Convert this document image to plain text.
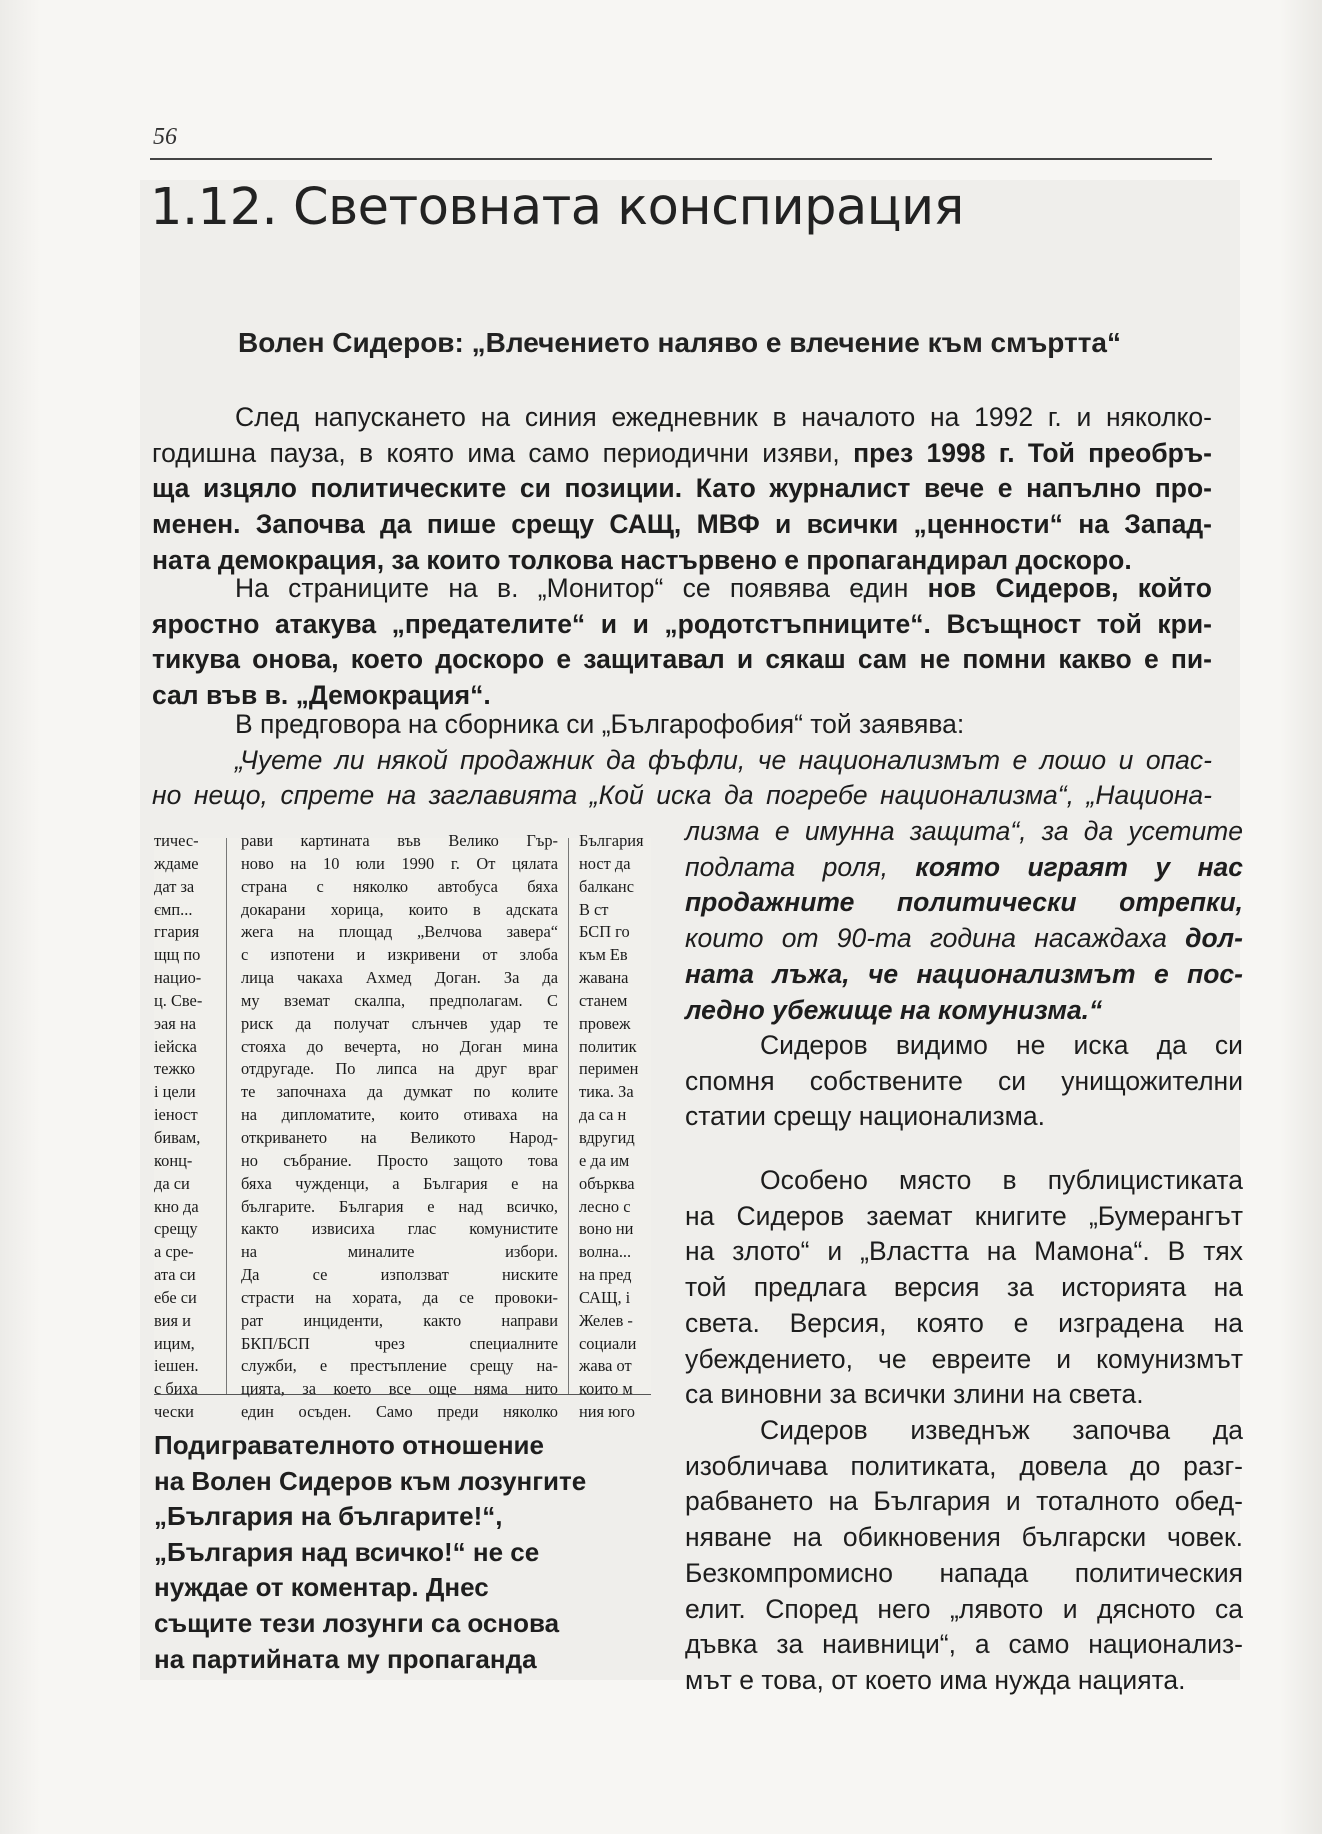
56
1.12. Световната конспирация
Волен Сидеров: „Влечението наляво е влечение към смъртта“

След напускането на синия ежедневник в началото на 1992 г. и няколко-
годишна пауза, в която има само периодични изяви, през 1998 г. Той преобръ-
ща изцяло политическите си позиции. Като журналист вече е напълно про-
менен. Започва да пише срещу САЩ, МВФ и всички „ценности“ на Запад-
ната демокрация, за които толкова настървено е пропагандирал доскоро.

На страниците на в. „Монитор“ се появява един нов Сидеров, който
яростно атакува „предателите“ и и „родотстъпниците“. Всъщност той кри-
тикува онова, което доскоро е защитавал и сякаш сам не помни какво е пи-
сал във в. „Демокрация“.

В предговора на сборника си „Българофобия“ той заявява:
„Чуете ли някой продажник да фъфли, че национализмът е лошо и опас-
но нещо, спрете на заглавията „Кой иска да погребе национализма“, „Национа-

лизма е имунна защита“, за да усетите
подлата роля, която играят у нас
продажните политически отрепки,
които от 90-та година насаждаха дол-
ната лъжа, че национализмът е пос-
ледно убежище на комунизма.“

Сидеров видимо не иска да си
спомня собствените си унищожителни
статии срещу национализма.

Особено място в публицистиката
на Сидеров заемат книгите „Бумерангът
на злото“ и „Властта на Мамона“. В тях
той предлага версия за историята на
света. Версия, която е изградена на
убеждението, че евреите и комунизмът
са виновни за всички злини на света.

Сидеров изведнъж започва да
изобличава политиката, довела до разг-
рабването на България и тоталното обед-
няване на обикновения български човек.
Безкомпромисно напада политическия
елит. Според него „лявото и дясното са
дъвка за наивници“, а само национализ-
мът е това, от което има нужда нацията.

тичес-
ждаме
дат за
ємп...
ггария
щщ по
нацио-
ц. Све-
эая на
іейска
тежко
і цели
іеност
бивам,
конц-
да си
кно да
срещу
а сре-
ата си
ебе си
вия и
ицим,
іешен.
с биха
чески
рави картината във Велико Гър-
ново на 10 юли 1990 г. От цялата
страна с няколко автобуса бяха
докарани хорица, които в адската
жега на площад „Велчова завера“
с изпотени и изкривени от злоба
лица чакаха Ахмед Доган. За да
му вземат скалпа, предполагам. С
риск да получат слънчев удар те
стояха до вечерта, но Доган мина
отдругаде. По липса на друг враг
те започнаха да думкат по колите
на дипломатите, които отиваха на
откриването на Великото Народ-
но събрание. Просто защото това
бяха чужденци, а България е на
българите. България е над всичко,
както извисиха глас комунистите
на миналите избори.
Да се използват ниските
страсти на хората, да се провоки-
рат инциденти, както направи
БКП/БСП чрез специалните
служби, е престъпление срещу на-
цията, за което все още няма нито
един осъден. Само преди няколко
България
ност да
балканс
В ст
БСП го
към Ев
жавана
станем
провеж
политик
перимен
тика. За
да са н
вдругид
е да им
обърква
лесно с
воно ни
волна...
на пред
САЩ, і
Желев -
социали
жава от
които м
ния юго

Подигравателното отношение
на Волен Сидеров към лозунгите
„България на българите!“,
„България над всичко!“ не се
нуждае от коментар. Днес
същите тези лозунги са основа
на партийната му пропаганда
